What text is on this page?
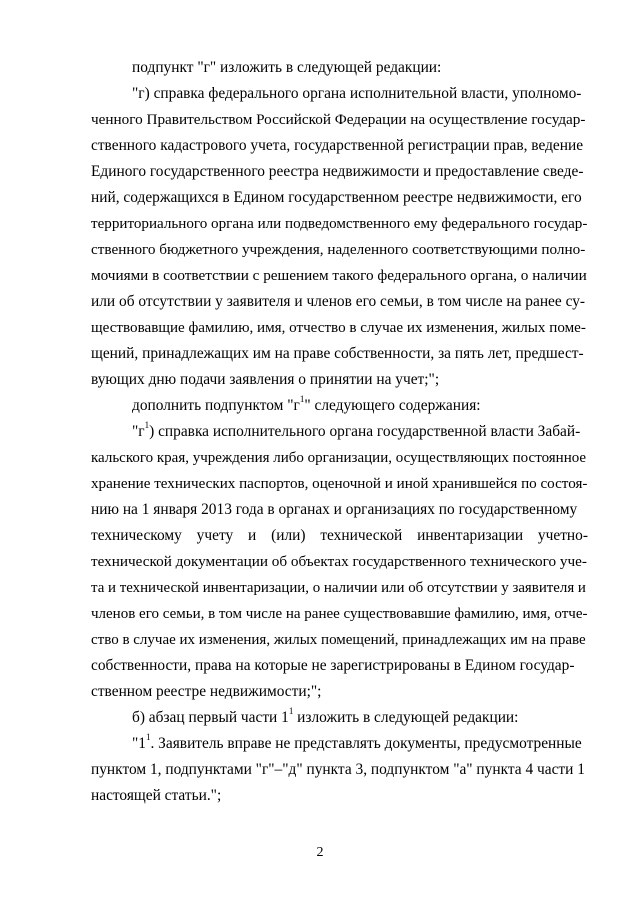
подпункт "г" изложить в следующей редакции:
"г) справка федерального органа исполнительной власти, уполномо-
ченного Правительством Российской Федерации на осуществление государ-
ственного кадастрового учета, государственной регистрации прав, ведение
Единого государственного реестра недвижимости и предоставление сведе-
ний, содержащихся в Едином государственном реестре недвижимости, его
территориального органа или подведомственного ему федерального государ-
ственного бюджетного учреждения, наделенного соответствующими полно-
мочиями в соответствии с решением такого федерального органа, о наличии
или об отсутствии у заявителя и членов его семьи, в том числе на ранее су-
ществовавщие фамилию, имя, отчество в случае их изменения, жилых поме-
щений, принадлежащих им на праве собственности, за пять лет, предшест-
вующих дню подачи заявления о принятии на учет;";
дополнить подпунктом "$г^1$" следующего содержания:
"$г^1$) справка исполнительного органа государственной власти Забай-
кальского края, учреждения либо организации, осуществляющих постоянное
хранение технических паспортов, оценочной и иной хранившейся по состоя-
нию на 1 января 2013 года в органах и организациях по государственному
техническому учету и (или) технической инвентаризации учетно-
технической документации об объектах государственного технического уче-
та и технической инвентаризации, о наличии или об отсутствии у заявителя и
членов его семьи, в том числе на ранее существовавшие фамилию, имя, отче-
ство в случае их изменения, жилых помещений, принадлежащих им на праве
собственности, права на которые не зарегистрированы в Едином государ-
ственном реестре недвижимости;";
б) абзац первый части $1^1$ изложить в следующей редакции:
"$1^1$. Заявитель вправе не представлять документы, предусмотренные
пунктом 1, подпунктами "г"–"д" пункта 3, подпунктом "а" пункта 4 части 1
настоящей статьи.";
2
